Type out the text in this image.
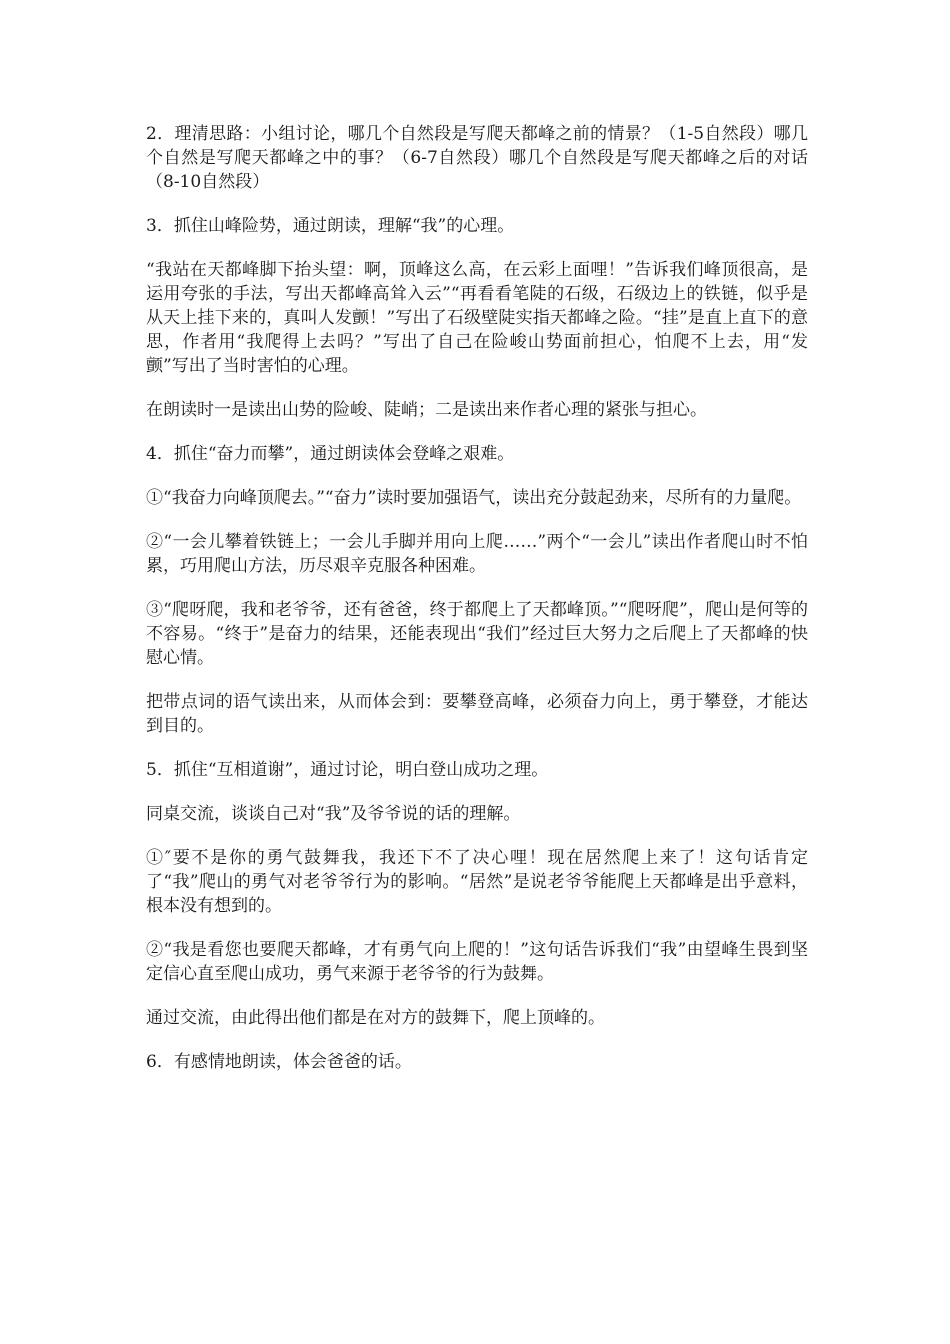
2．理清思路：小组讨论，哪几个自然段是写爬天都峰之前的情景？（1-5自然段）哪几个自然是写爬天都峰之中的事？（6-7自然段）哪几个自然段是写爬天都峰之后的对话（8-10自然段）

3．抓住山峰险势，通过朗读，理解“我”的心理。

“我站在天都峰脚下抬头望：啊，顶峰这么高，在云彩上面哩！”告诉我们峰顶很高，是运用夸张的手法，写出天都峰高耸入云”“再看看笔陡的石级，石级边上的铁链，似乎是从天上挂下来的，真叫人发颤！”写出了石级壁陡实指天都峰之险。“挂”是直上直下的意思，作者用“我爬得上去吗？”写出了自己在险峻山势面前担心，怕爬不上去，用“发颤”写出了当时害怕的心理。

在朗读时一是读出山势的险峻、陡峭；二是读出来作者心理的紧张与担心。

4．抓住“奋力而攀”，通过朗读体会登峰之艰难。

①“我奋力向峰顶爬去。”“奋力”读时要加强语气，读出充分鼓起劲来，尽所有的力量爬。

②“一会儿攀着铁链上；一会儿手脚并用向上爬……”两个“一会儿”读出作者爬山时不怕累，巧用爬山方法，历尽艰辛克服各种困难。

③“爬呀爬，我和老爷爷，还有爸爸，终于都爬上了天都峰顶。”“爬呀爬”，爬山是何等的不容易。“终于”是奋力的结果，还能表现出“我们”经过巨大努力之后爬上了天都峰的快慰心情。

把带点词的语气读出来，从而体会到：要攀登高峰，必须奋力向上，勇于攀登，才能达到目的。

5．抓住“互相道谢”，通过讨论，明白登山成功之理。

同桌交流，谈谈自己对“我”及爷爷说的话的理解。

①″要不是你的勇气鼓舞我，我还下不了决心哩！现在居然爬上来了！这句话肯定了“我”爬山的勇气对老爷爷行为的影响。“居然”是说老爷爷能爬上天都峰是出乎意料，根本没有想到的。

②“我是看您也要爬天都峰，才有勇气向上爬的！”这句话告诉我们“我”由望峰生畏到坚定信心直至爬山成功，勇气来源于老爷爷的行为鼓舞。

通过交流，由此得出他们都是在对方的鼓舞下，爬上顶峰的。

6．有感情地朗读，体会爸爸的话。
